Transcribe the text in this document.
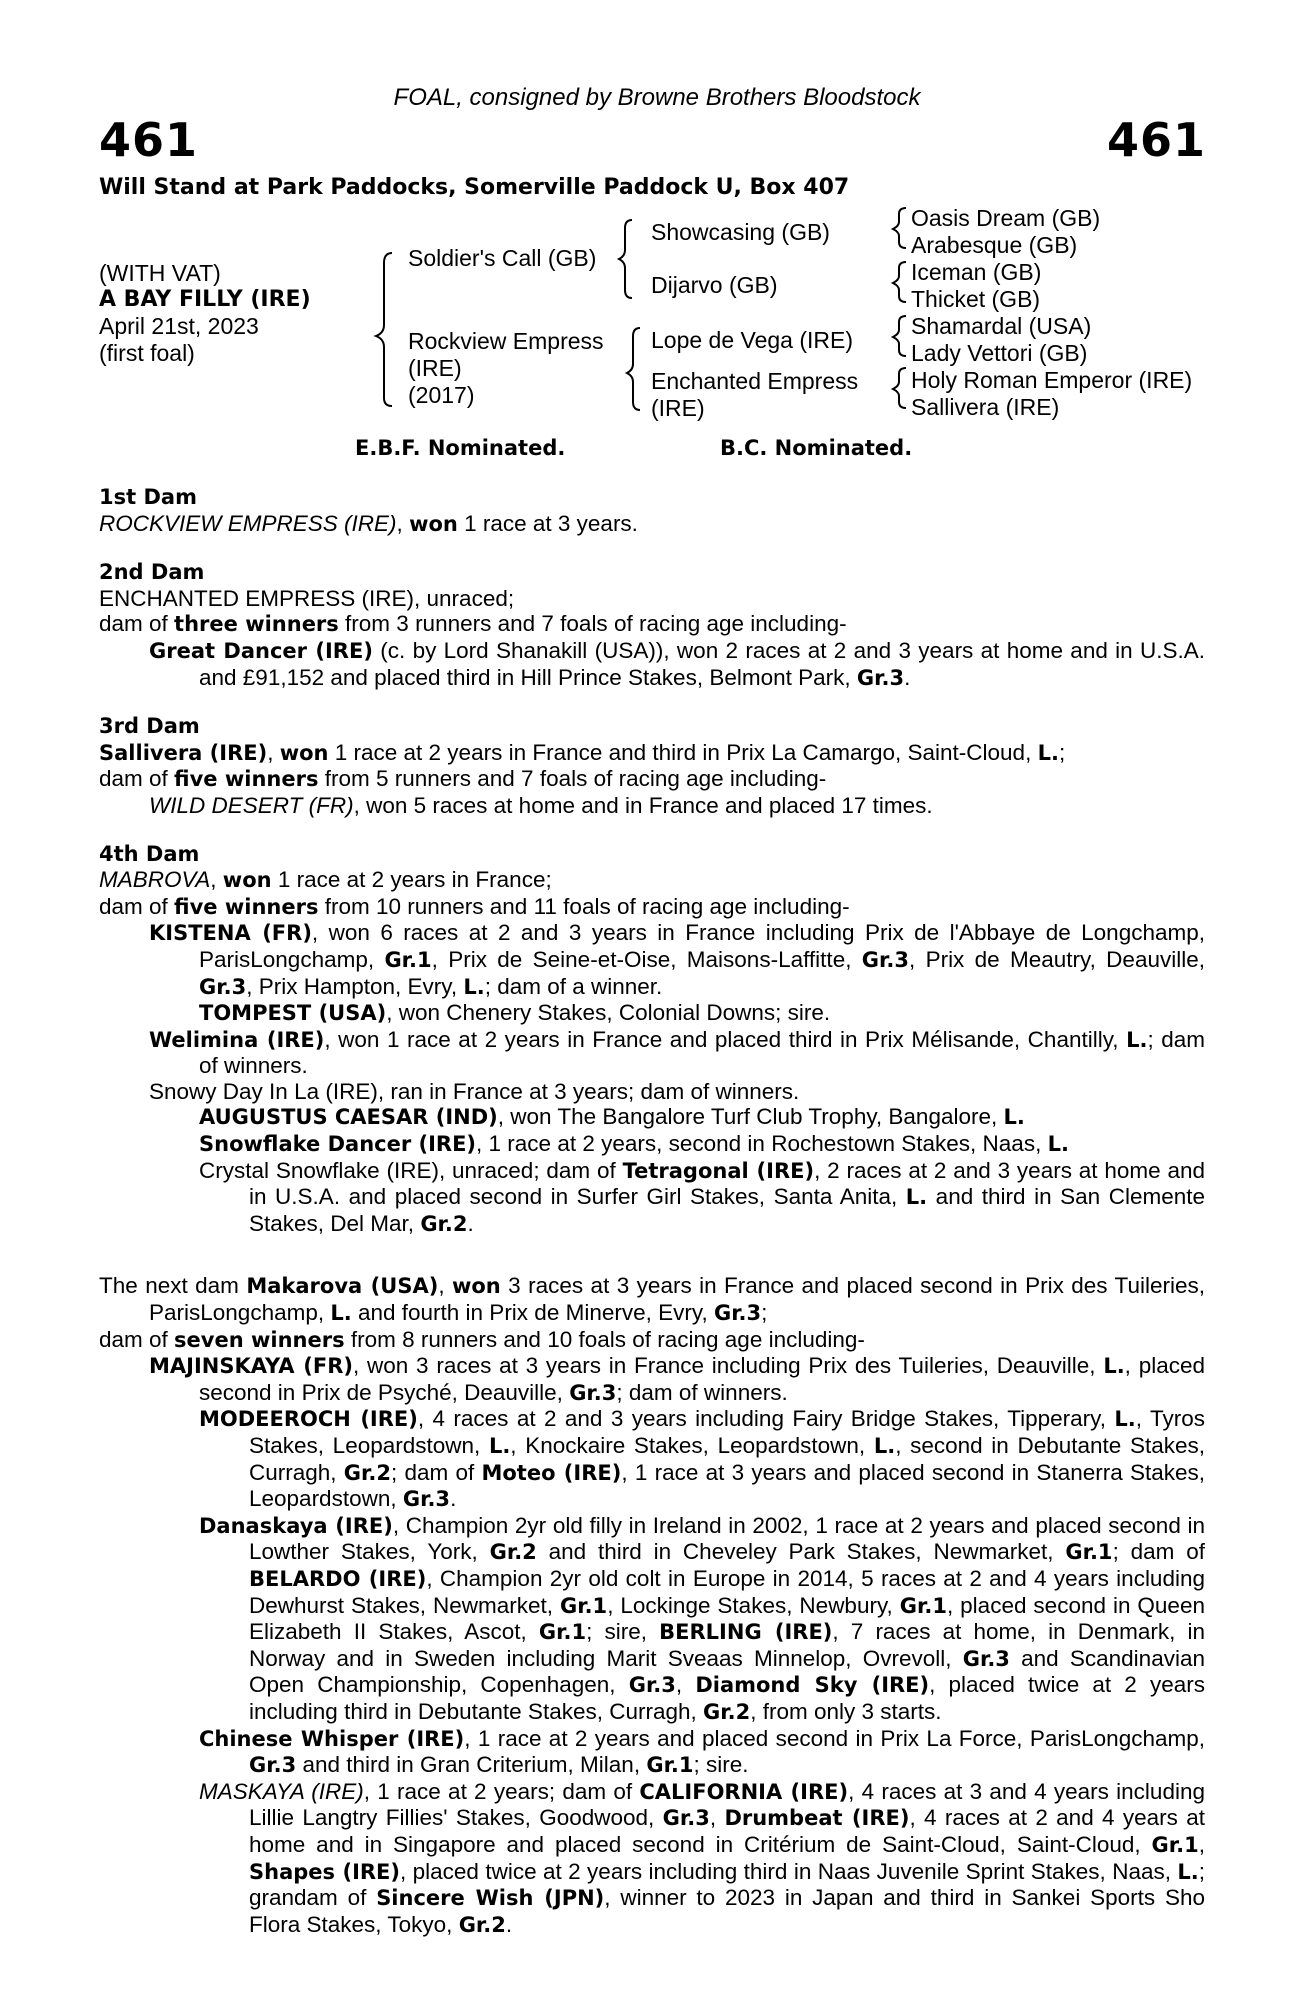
FOAL, consigned by Browne Brothers Bloodstock
461	461
Will Stand at Park Paddocks, Somerville Paddock U, Box 407
(WITH VAT)
A BAY FILLY (IRE)
April 21st, 2023
(first foal)
Soldier's Call (GB)
Rockview Empress
(IRE)
(2017)
Showcasing (GB)
Dijarvo (GB)
Lope de Vega (IRE)
Enchanted Empress
(IRE)
Oasis Dream (GB)
Arabesque (GB)
Iceman (GB)
Thicket (GB)
Shamardal (USA)
Lady Vettori (GB)
Holy Roman Emperor (IRE)
Sallivera (IRE)
E.B.F. Nominated.	B.C. Nominated.
1st Dam
ROCKVIEW EMPRESS (IRE), won 1 race at 3 years.
2nd Dam
ENCHANTED EMPRESS (IRE), unraced;
dam of three winners from 3 runners and 7 foals of racing age including-
Great Dancer (IRE) (c. by Lord Shanakill (USA)), won 2 races at 2 and 3 years at home and in U.S.A. and £91,152 and placed third in Hill Prince Stakes, Belmont Park, Gr.3.
3rd Dam
Sallivera (IRE), won 1 race at 2 years in France and third in Prix La Camargo, Saint-Cloud, L.;
dam of five winners from 5 runners and 7 foals of racing age including-
WILD DESERT (FR), won 5 races at home and in France and placed 17 times.
4th Dam
MABROVA, won 1 race at 2 years in France;
dam of five winners from 10 runners and 11 foals of racing age including-
KISTENA (FR), won 6 races at 2 and 3 years in France including Prix de l'Abbaye de Longchamp, ParisLongchamp, Gr.1, Prix de Seine-et-Oise, Maisons-Laffitte, Gr.3, Prix de Meautry, Deauville, Gr.3, Prix Hampton, Evry, L.; dam of a winner.
TOMPEST (USA), won Chenery Stakes, Colonial Downs; sire.
Welimina (IRE), won 1 race at 2 years in France and placed third in Prix Mélisande, Chantilly, L.; dam of winners.
Snowy Day In La (IRE), ran in France at 3 years; dam of winners.
AUGUSTUS CAESAR (IND), won The Bangalore Turf Club Trophy, Bangalore, L.
Snowflake Dancer (IRE), 1 race at 2 years, second in Rochestown Stakes, Naas, L.
Crystal Snowflake (IRE), unraced; dam of Tetragonal (IRE), 2 races at 2 and 3 years at home and in U.S.A. and placed second in Surfer Girl Stakes, Santa Anita, L. and third in San Clemente Stakes, Del Mar, Gr.2.
The next dam Makarova (USA), won 3 races at 3 years in France and placed second in Prix des Tuileries, ParisLongchamp, L. and fourth in Prix de Minerve, Evry, Gr.3;
dam of seven winners from 8 runners and 10 foals of racing age including-
MAJINSKAYA (FR), won 3 races at 3 years in France including Prix des Tuileries, Deauville, L., placed second in Prix de Psyché, Deauville, Gr.3; dam of winners.
MODEEROCH (IRE), 4 races at 2 and 3 years including Fairy Bridge Stakes, Tipperary, L., Tyros Stakes, Leopardstown, L., Knockaire Stakes, Leopardstown, L., second in Debutante Stakes, Curragh, Gr.2; dam of Moteo (IRE), 1 race at 3 years and placed second in Stanerra Stakes, Leopardstown, Gr.3.
Danaskaya (IRE), Champion 2yr old filly in Ireland in 2002, 1 race at 2 years and placed second in Lowther Stakes, York, Gr.2 and third in Cheveley Park Stakes, Newmarket, Gr.1; dam of BELARDO (IRE), Champion 2yr old colt in Europe in 2014, 5 races at 2 and 4 years including Dewhurst Stakes, Newmarket, Gr.1, Lockinge Stakes, Newbury, Gr.1, placed second in Queen Elizabeth II Stakes, Ascot, Gr.1; sire, BERLING (IRE), 7 races at home, in Denmark, in Norway and in Sweden including Marit Sveaas Minnelop, Ovrevoll, Gr.3 and Scandinavian Open Championship, Copenhagen, Gr.3, Diamond Sky (IRE), placed twice at 2 years including third in Debutante Stakes, Curragh, Gr.2, from only 3 starts.
Chinese Whisper (IRE), 1 race at 2 years and placed second in Prix La Force, ParisLongchamp, Gr.3 and third in Gran Criterium, Milan, Gr.1; sire.
MASKAYA (IRE), 1 race at 2 years; dam of CALIFORNIA (IRE), 4 races at 3 and 4 years including Lillie Langtry Fillies' Stakes, Goodwood, Gr.3, Drumbeat (IRE), 4 races at 2 and 4 years at home and in Singapore and placed second in Critérium de Saint-Cloud, Saint-Cloud, Gr.1, Shapes (IRE), placed twice at 2 years including third in Naas Juvenile Sprint Stakes, Naas, L.; grandam of Sincere Wish (JPN), winner to 2023 in Japan and third in Sankei Sports Sho Flora Stakes, Tokyo, Gr.2.
